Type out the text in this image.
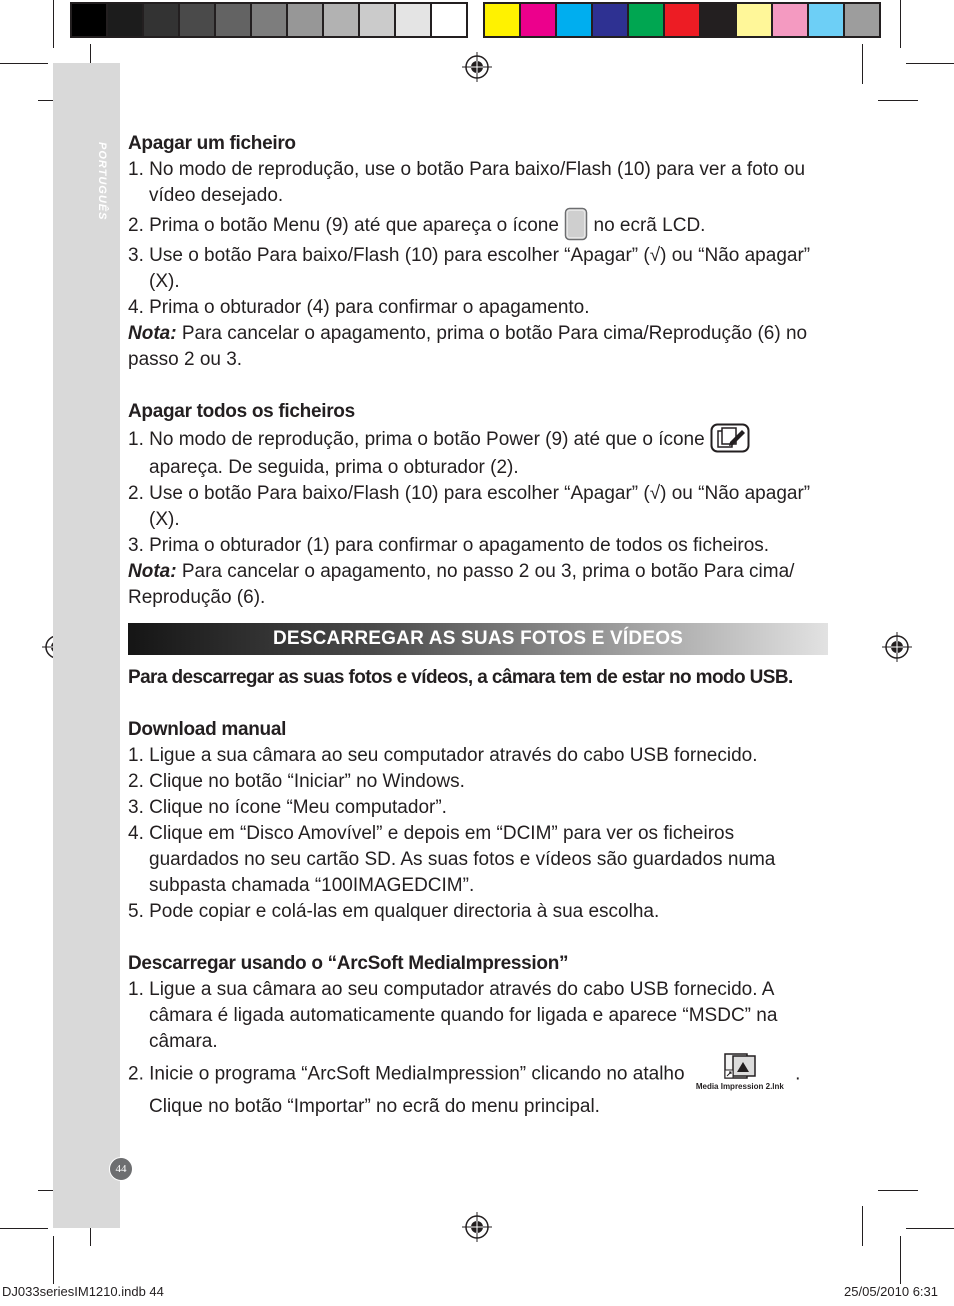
PORTUGUÊS Apagar um ficheiro

1. No modo de reprodução, use o botão Para baixo/Flash (10) para ver a foto ou vídeo desejado.

2. Prima o botão Menu (9) até que apareça o ícone no ecrã LCD.

3. Use o botão Para baixo/Flash (10) para escolher “Apagar” (√) ou “Não apagar” (X).

4. Prima o obturador (4) para confirmar o apagamento.

Nota: Para cancelar o apagamento, prima o botão Para cima/Reprodução (6) no passo 2 ou 3.

Apagar todos os ficheiros

1. No modo de reprodução, prima o botão Power (9) até que o ícone

apareça. De seguida, prima o obturador (2).

2. Use o botão Para baixo/Flash (10) para escolher “Apagar” (√) ou “Não apagar” (X).

3. Prima o obturador (1) para confirmar o apagamento de todos os ficheiros.

Nota: Para cancelar o apagamento, no passo 2 ou 3, prima o botão Para cima/ Reprodução (6).

DESCARREGAR AS SUAS FOTOS E VÍDEOS

Para descarregar as suas fotos e vídeos, a câmara tem de estar no modo USB.

Download manual

1. Ligue a sua câmara ao seu computador através do cabo USB fornecido.

2. Clique no botão “Iniciar” no Windows.

3. Clique no ícone “Meu computador”.

4. Clique em “Disco Amovível” e depois em “DCIM” para ver os ficheiros guardados no seu cartão SD. As suas fotos e vídeos são guardados numa subpasta chamada “100IMAGEDCIM”.

5. Pode copiar e colá-las em qualquer directoria à sua escolha.

Descarregar usando o “ArcSoft MediaImpression”

1. Ligue a sua câmara ao seu computador através do cabo USB fornecido. A câmara é ligada automaticamente quando for ligada e aparece “MSDC” na câmara.

2. Inicie o programa “ArcSoft MediaImpression” clicando no atalho
Media Impression 2.lnk .

Clique no botão “Importar” no ecrã do menu principal.

44
DJ033seriesIM1210.indb 44	25/05/2010 6:31
